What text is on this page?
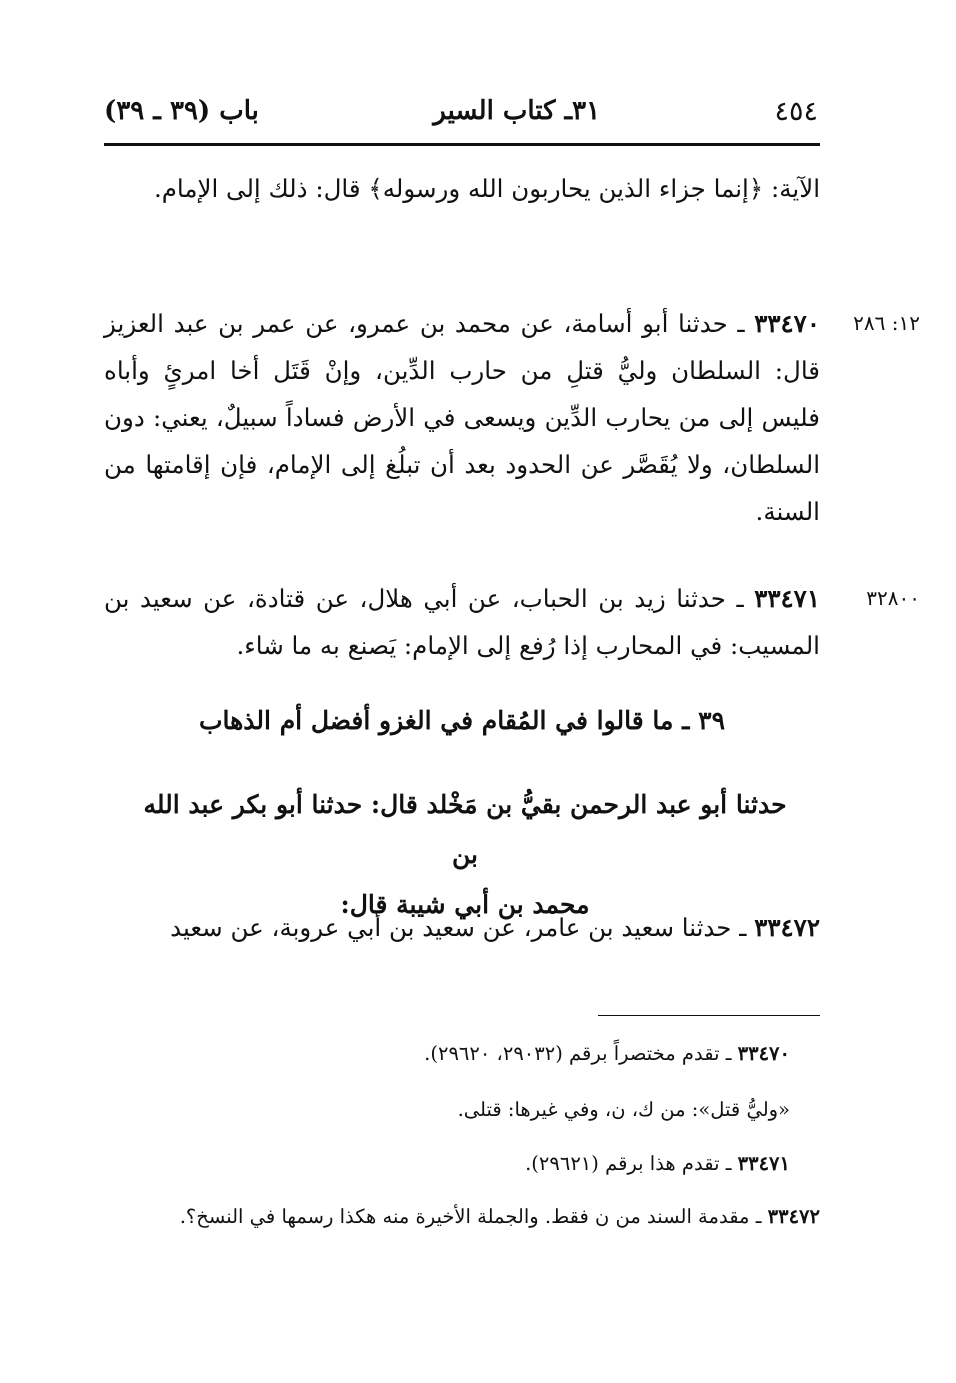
٤٥٤
٣١ـ كتاب السير
باب (٣٩ ـ ٣٩)

الآية: ﴿إنما جزاء الذين يحاربون الله ورسوله﴾ قال: ذلك إلى الإمام.

١٢: ٢٨٦

٣٣٤٧٠ ـ حدثنا أبو أسامة، عن محمد بن عمرو، عن عمر بن عبد العزيز قال: السلطان وليُّ قتلِ من حارب الدِّين، وإنْ قَتَل أخا امرئٍ وأباه فليس إلى من يحارب الدِّين ويسعى في الأرض فساداً سبيلٌ، يعني: دون السلطان، ولا يُقَصَّر عن الحدود بعد أن تبلُغ إلى الإمام، فإن إقامتها من السنة.

٣٢٨٠٠

٣٣٤٧١ ـ حدثنا زيد بن الحباب، عن أبي هلال، عن قتادة، عن سعيد بن المسيب: في المحارب إذا رُفع إلى الإمام: يَصنع به ما شاء.

٣٩ ـ ما قالوا في المُقام في الغزو أفضل أم الذهاب
حدثنا أبو عبد الرحمن بقيُّ بن مَخْلد قال: حدثنا أبو بكر عبد الله بن
محمد بن أبي شيبة قال:

٣٣٤٧٢ ـ حدثنا سعيد بن عامر، عن سعيد بن أبي عروبة، عن سعيد

٣٣٤٧٠ ـ تقدم مختصراً برقم (٢٩٠٣٢، ٢٩٦٢٠).

«وليُّ قتل»: من ك، ن، وفي غيرها: قتلى.

٣٣٤٧١ ـ تقدم هذا برقم (٢٩٦٢١).

٣٣٤٧٢ ـ مقدمة السند من ن فقط. والجملة الأخيرة منه هكذا رسمها في النسخ؟.
